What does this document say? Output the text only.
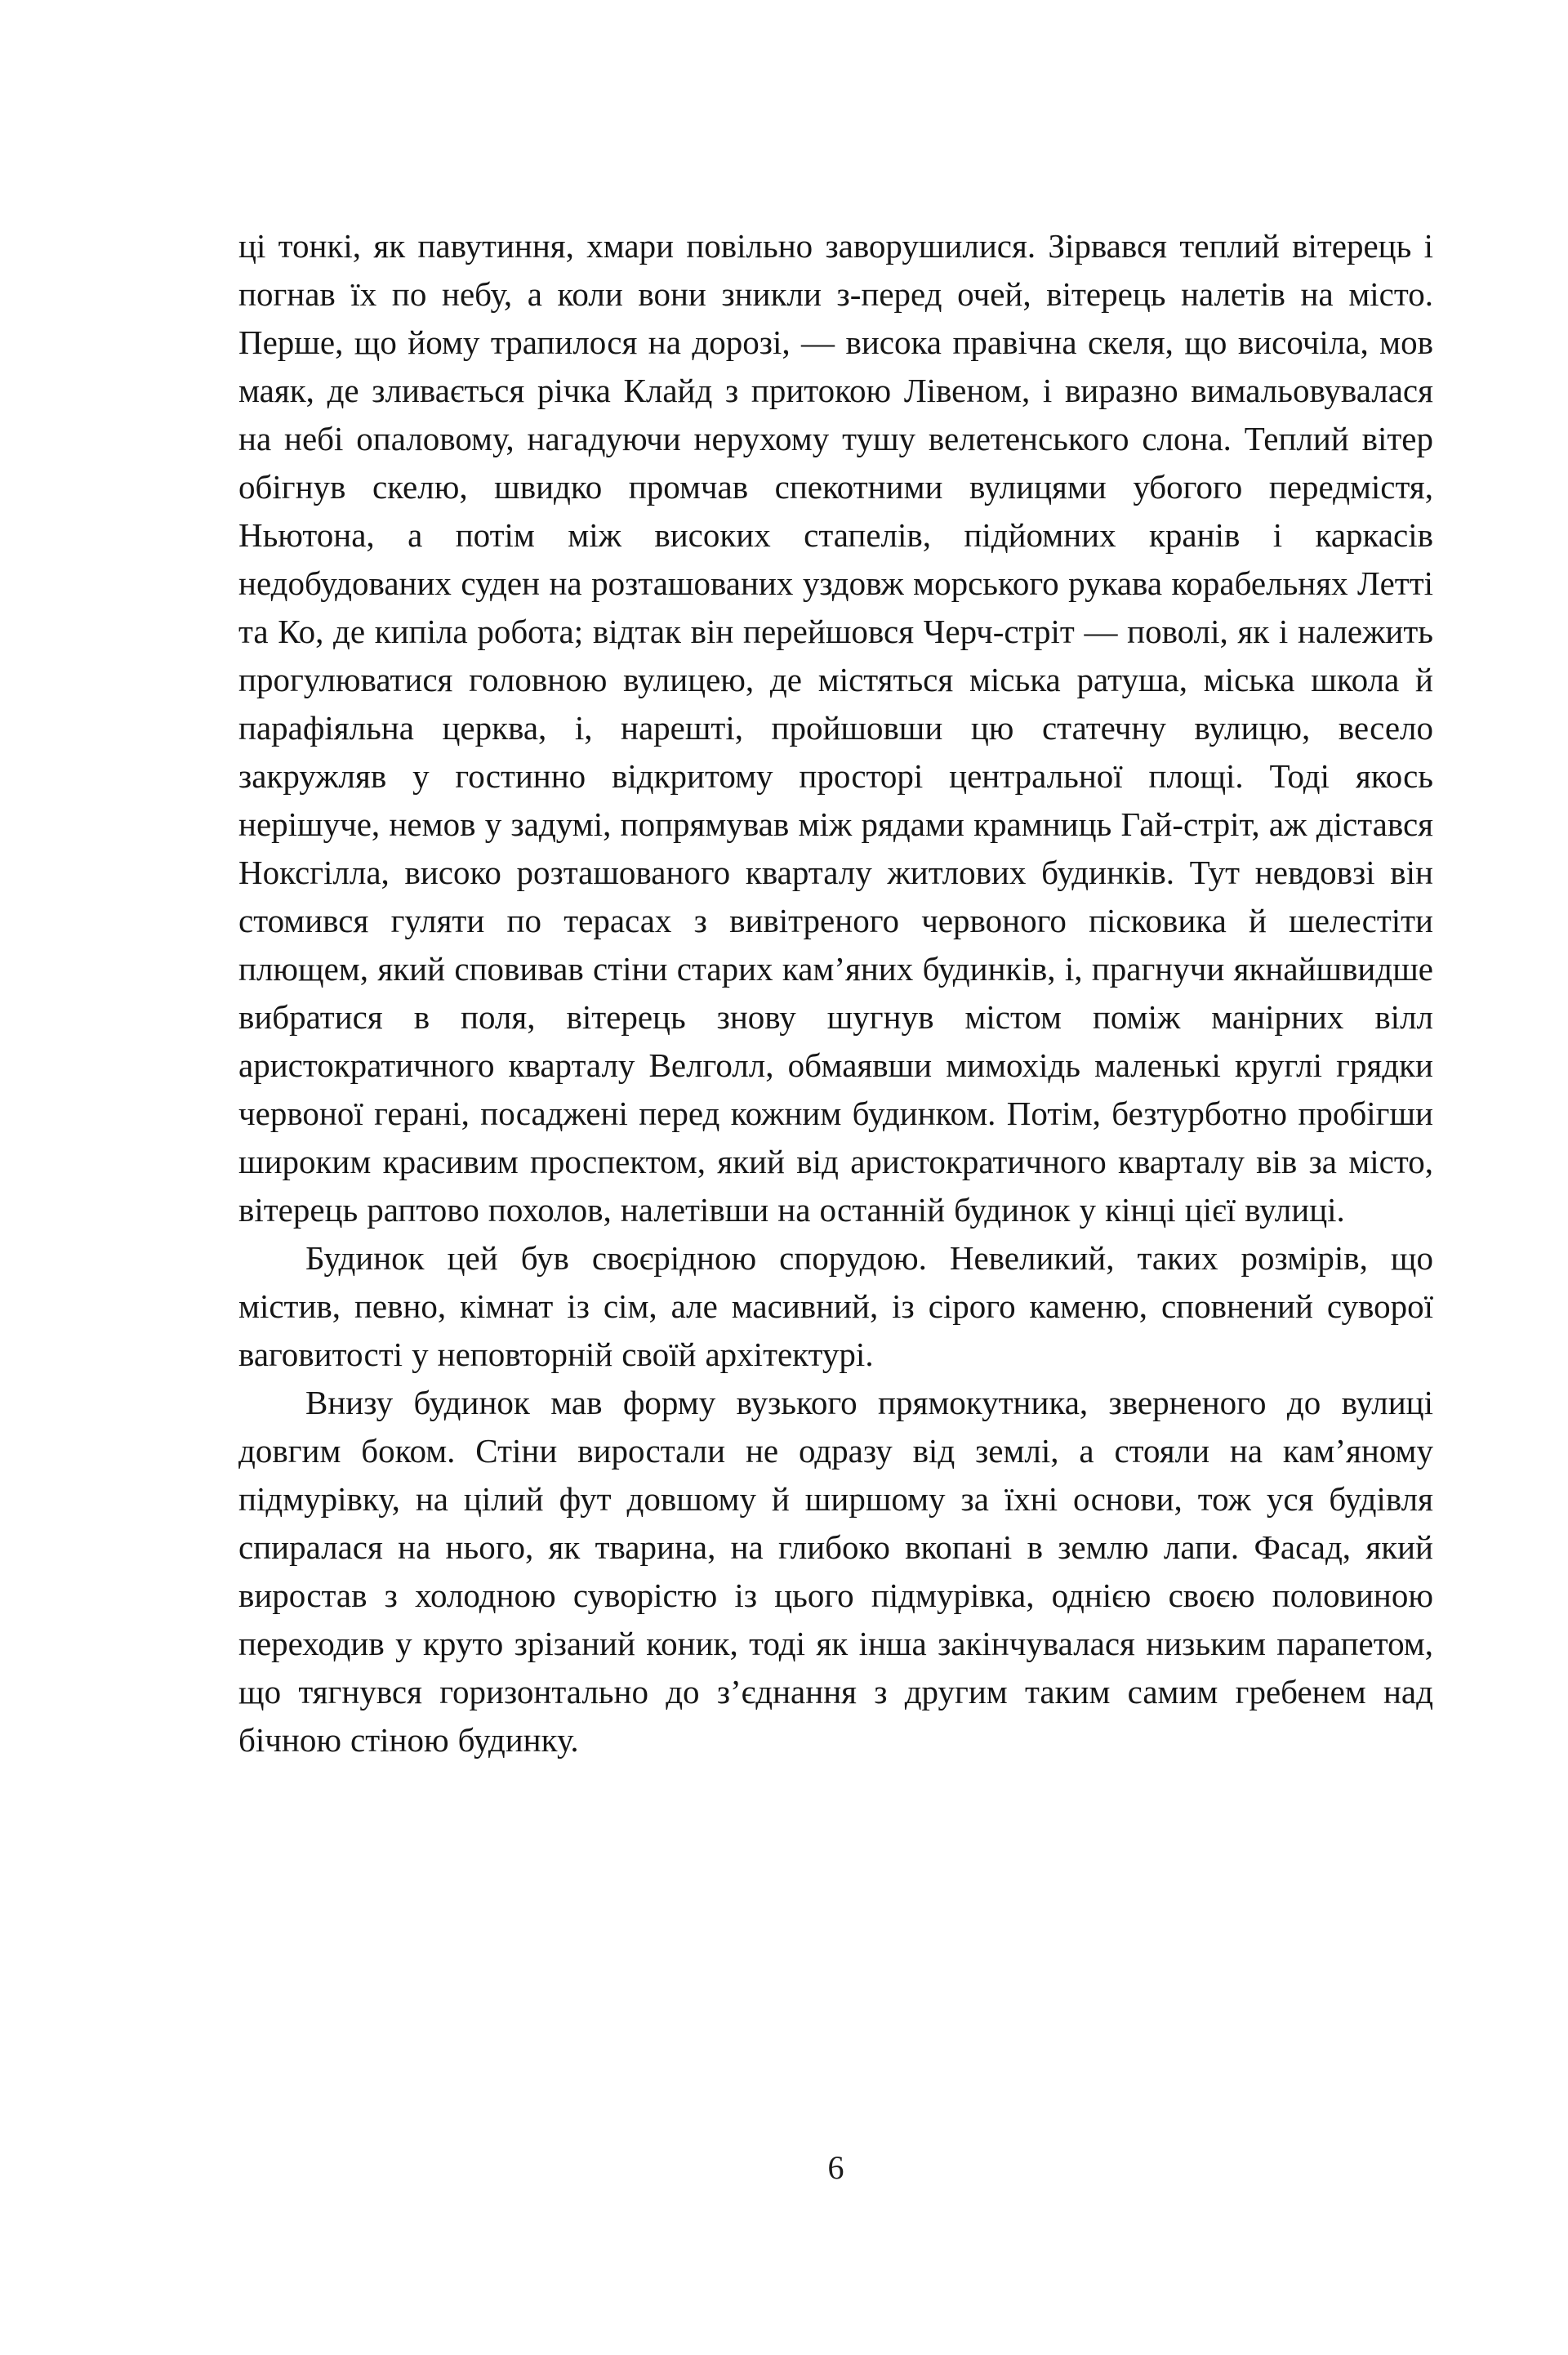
ці тонкі, як павутиння, хмари повільно заворушилися. Зірвався теплий вітерець і погнав їх по небу, а коли вони зникли з-перед очей, вітерець налетів на місто. Перше, що йому трапилося на дорозі, — висока правічна скеля, що височіла, мов маяк, де зливається річка Клайд з притокою Лівеном, і виразно вимальовувалася на небі опаловому, нагадуючи нерухому тушу велетенського слона. Теплий вітер обігнув скелю, швидко промчав спекотними вулицями убогого передмістя, Ньютона, а потім між високих стапелів, підйомних кранів і каркасів недобудованих суден на розташованих уздовж морського рукава корабельнях Летті та Ко, де кипіла робота; відтак він перейшовся Черч-стріт — поволі, як і належить прогулюватися головною вулицею, де містяться міська ратуша, міська школа й парафіяльна церква, і, нарешті, пройшовши цю статечну вулицю, весело закружляв у гостинно відкритому просторі центральної площі. Тоді якось нерішуче, немов у задумі, попрямував між рядами крамниць Гай-стріт, аж дістався Ноксгілла, високо розташованого кварталу житлових будинків. Тут невдовзі він стомився гуляти по терасах з вивітреного червоного пісковика й шелестіти плющем, який сповивав стіни старих кам’яних будинків, і, прагнучи якнайшвидше вибратися в поля, вітерець знову шугнув містом поміж манірних вілл аристократичного кварталу Велголл, обмаявши мимохідь маленькі круглі грядки червоної герані, посаджені перед кожним будинком. Потім, безтурботно пробігши широким красивим проспектом, який від аристократичного кварталу вів за місто, вітерець раптово похолов, налетівши на останній будинок у кінці цієї вулиці.

Будинок цей був своєрідною спорудою. Невеликий, таких розмірів, що містив, певно, кімнат із сім, але масивний, із сірого каменю, сповнений суворої ваговитості у неповторній своїй архітектурі.

Внизу будинок мав форму вузького прямокутника, зверненого до вулиці довгим боком. Стіни виростали не одразу від землі, а стояли на кам’яному підмурівку, на цілий фут довшому й ширшому за їхні основи, тож уся будівля спиралася на нього, як тварина, на глибоко вкопані в землю лапи. Фасад, який виростав з холодною суворістю із цього підмурівка, однією своєю половиною переходив у круто зрізаний коник, тоді як інша закінчувалася низьким парапетом, що тягнувся горизонтально до з’єднання з другим таким самим гребенем над бічною стіною будинку.

6
